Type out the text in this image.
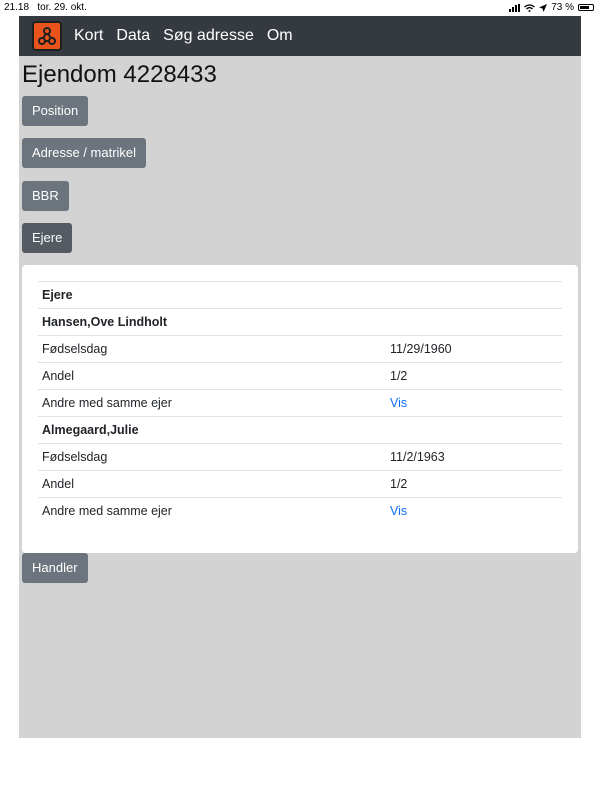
21.18 tor. 29. okt.	73 %
Kort Data Søg adresse Om
Ejendom 4228433
Position
Adresse / matrikel
BBR
Ejere
Ejere	
Hansen,Ove Lindholt	
Fødselsdag	11/29/1960
Andel	1/2
Andre med samme ejer	Vis
Almegaard,Julie	
Fødselsdag	11/2/1963
Andel	1/2
Andre med samme ejer	Vis
Handler
